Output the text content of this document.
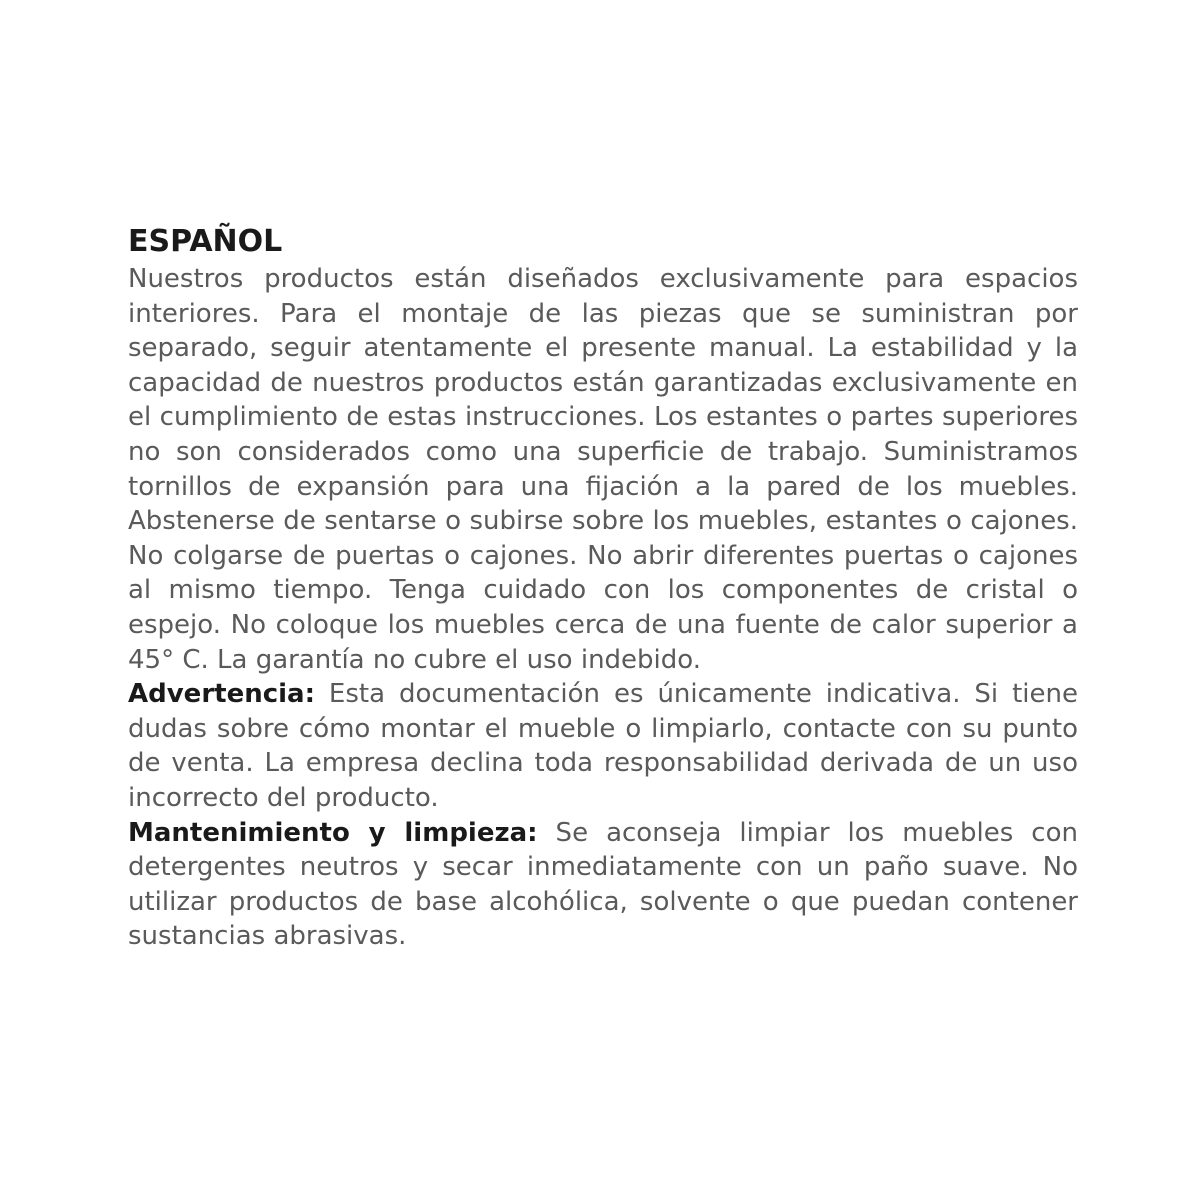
ESPAÑOL

Nuestros productos están diseñados exclusivamente para espacios interiores. Para el montaje de las piezas que se suministran por separado, seguir atentamente el presente manual. La estabilidad y la capacidad de nuestros productos están garantizadas exclusivamente en el cumplimiento de estas instrucciones. Los estantes o partes superiores no son considerados como una superficie de trabajo. Suministramos tornillos de expansión para una fijación a la pared de los muebles. Abstenerse de sentarse o subirse sobre los muebles, estantes o cajones. No colgarse de puertas o cajones. No abrir diferentes puertas o cajones al mismo tiempo. Tenga cuidado con los componentes de cristal o espejo. No coloque los muebles cerca de una fuente de calor superior a 45° C. La garantía no cubre el uso indebido.

Advertencia: Esta documentación es únicamente indicativa. Si tiene dudas sobre cómo montar el mueble o limpiarlo, contacte con su punto de venta. La empresa declina toda responsabilidad derivada de un uso incorrecto del producto.

Mantenimiento y limpieza: Se aconseja limpiar los muebles con detergentes neutros y secar inmediatamente con un paño suave. No utilizar productos de base alcohólica, solvente o que puedan contener sustancias abrasivas.
